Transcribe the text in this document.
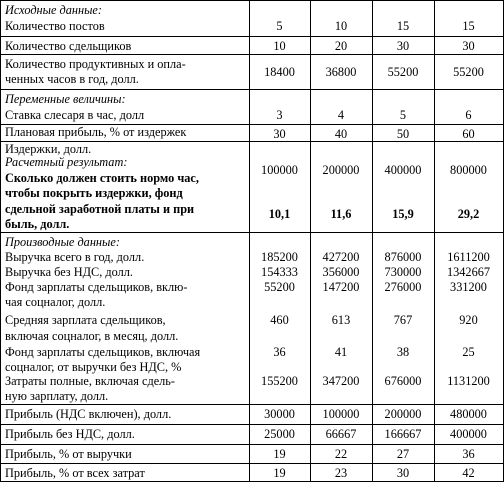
Исходные данные:
Количество постов	5	10	15	15
Количество сдельщиков	10	20	30	30
Количество продуктивных и опла-
ченных часов в год, долл.	18400	36800	55200	55200
Переменные величины:
Ставка слесаря в час, долл	3	4	5	6
Плановая прибыль, % от издержек	30	40	50	60
Издержки, долл.
100000	200000	400000	800000
Расчетный результат:
Сколько должен стоить нормо час,
чтобы покрыть издержки, фонд
сдельной заработной платы и при
быль, долл.
10,1	11,6	15,9	29,2
Производные данные:
Выручка всего в год, долл.	185200	427200	876000	1611200
Выручка без НДС, долл.	154333	356000	730000	1342667
Фонд зарплаты сдельщиков, вклю-
чая соцналог, долл.
55200	147200	276000	331200
Средняя зарплата сдельщиков,
включая соцналог, в месяц, долл.
460	613	767	920
Фонд зарплаты сдельщиков, включая
соцналог, от выручки без НДС, %
36	41	38	25
Затраты полные, включая сдель-
ную зарплату, долл.
155200	347200	676000	1131200
Прибыль (НДС включен), долл.	30000	100000	200000	480000
Прибыль без НДС, долл.	25000	66667	166667	400000
Прибыль, % от выручки	19	22	27	36
Прибыль, % от всех затрат	19	23	30	42
